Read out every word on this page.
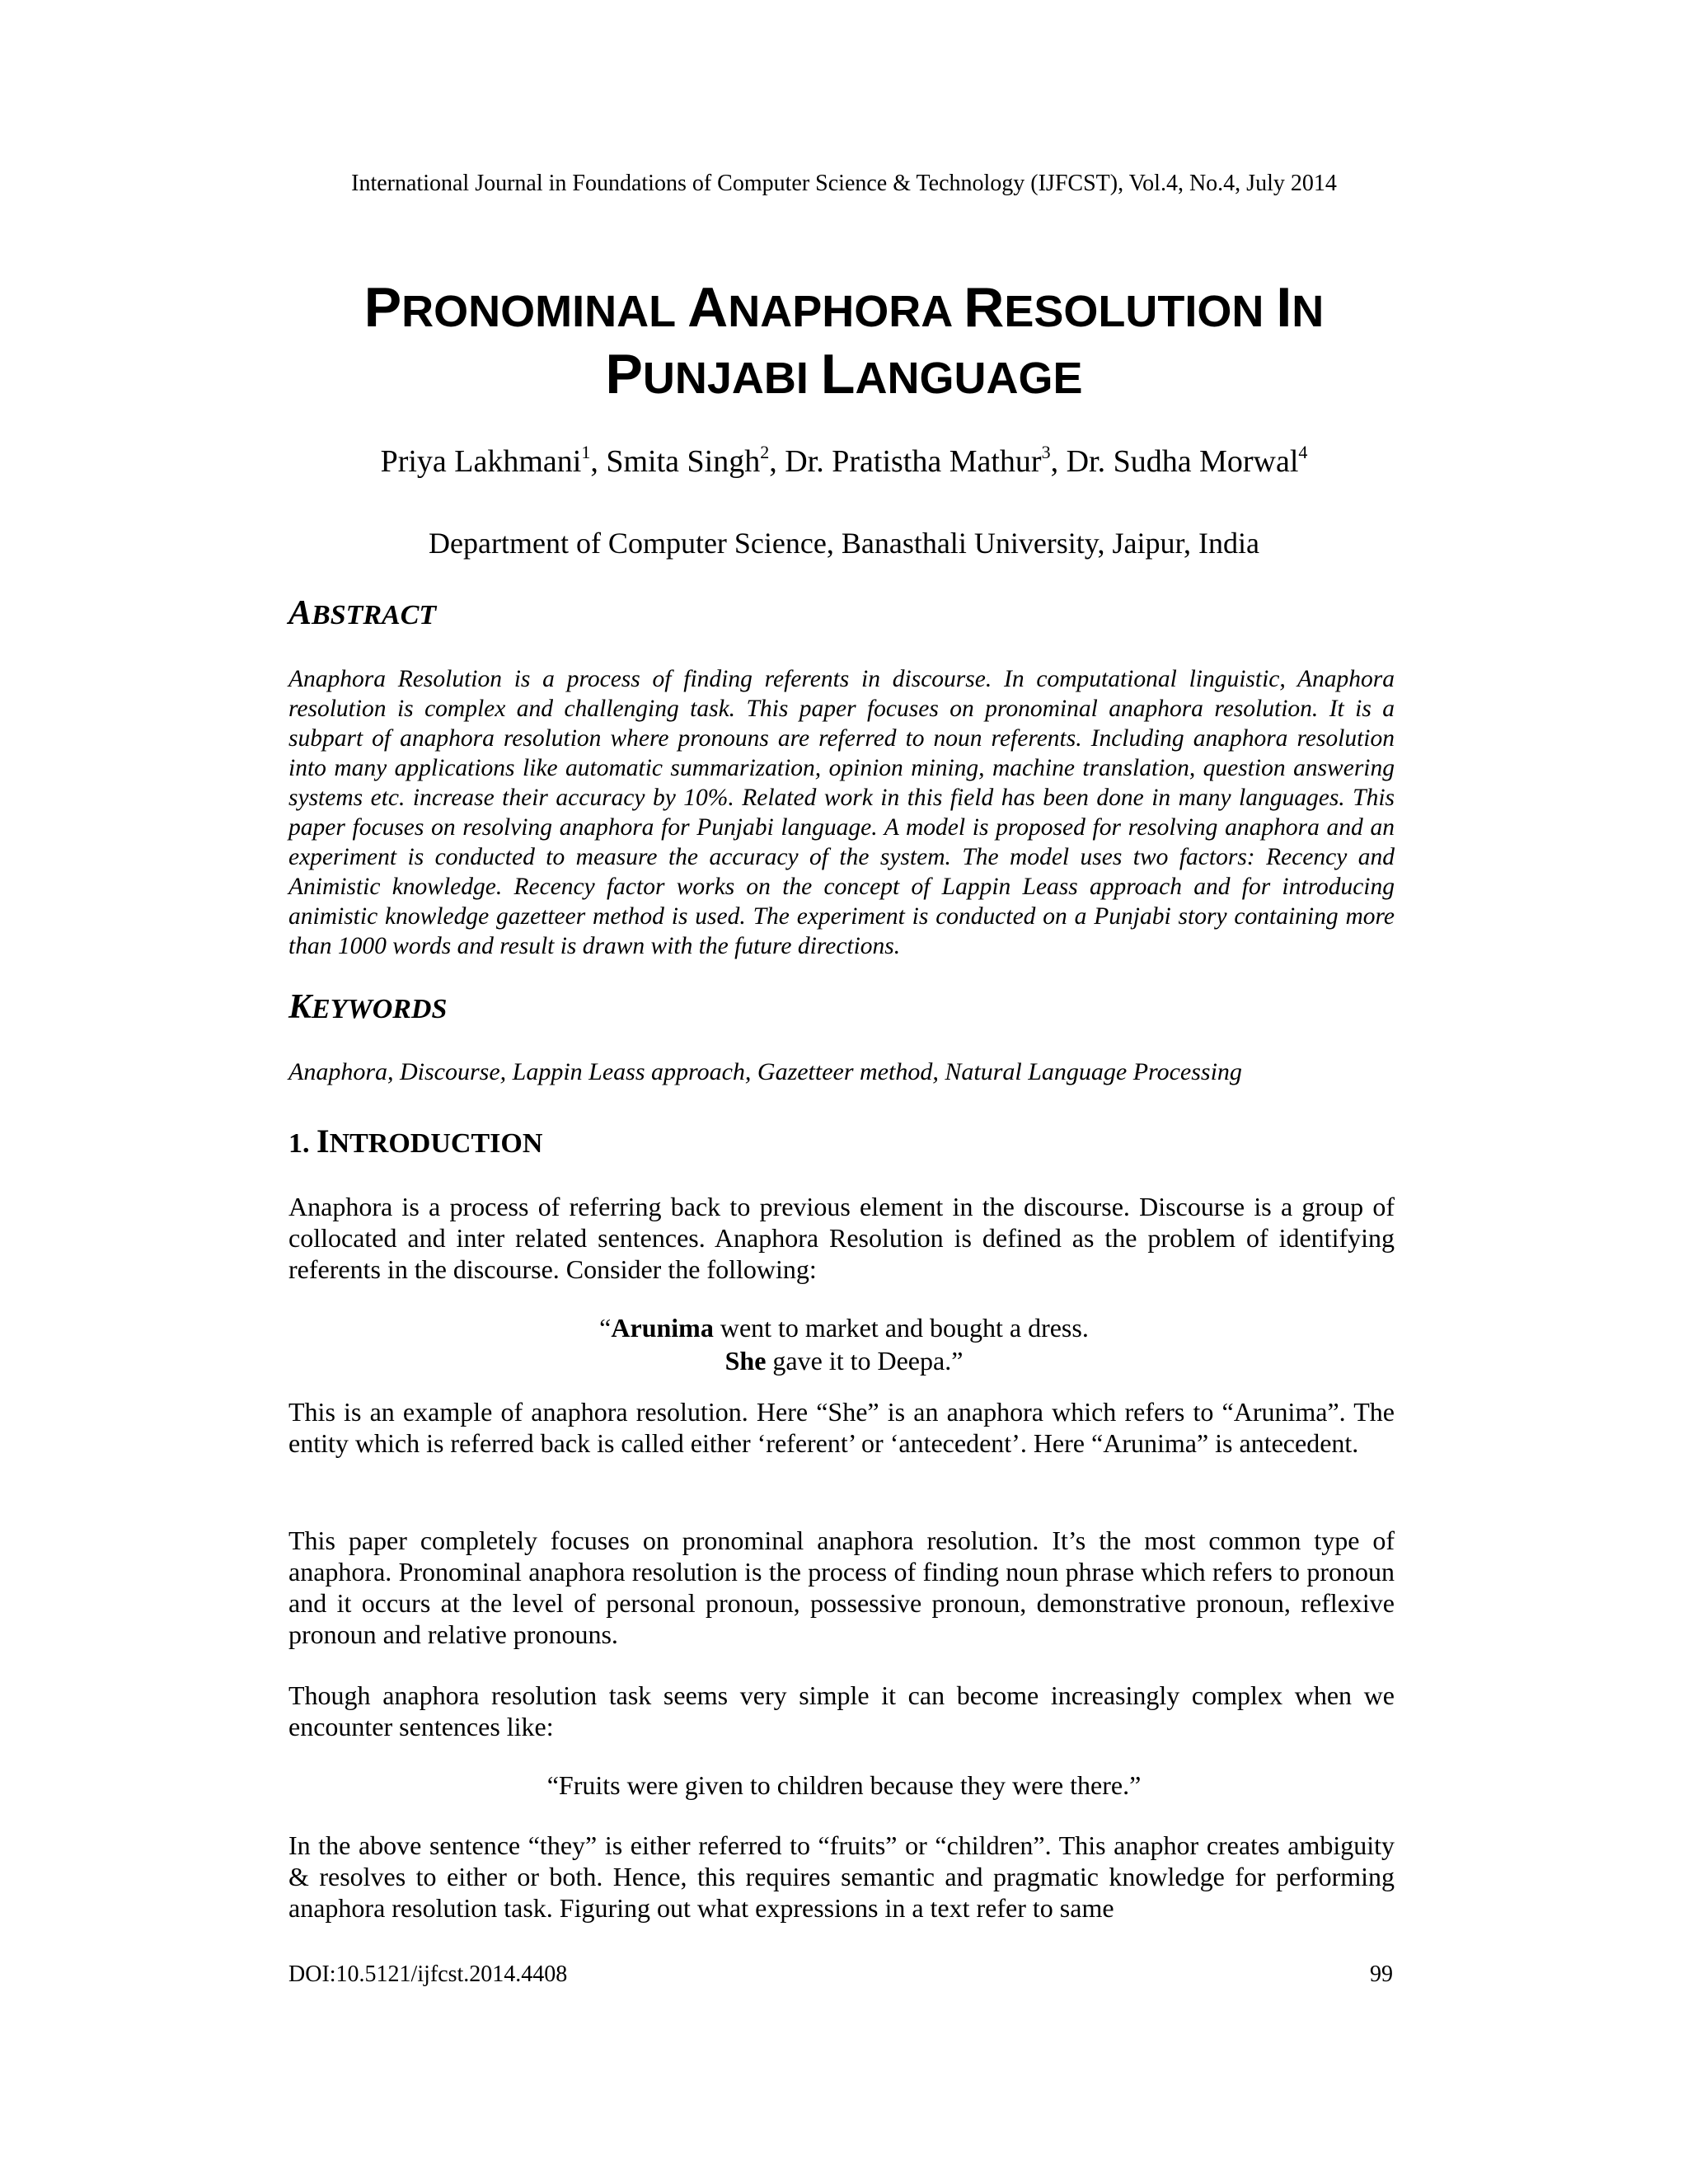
International Journal in Foundations of Computer Science & Technology (IJFCST), Vol.4, No.4, July 2014
PRONOMINAL ANAPHORA RESOLUTION IN
PUNJABI LANGUAGE
Priya Lakhmani$^1$, Smita Singh$^2$, Dr. Pratistha Mathur$^3$, Dr. Sudha Morwal$^4$
Department of Computer Science, Banasthali University, Jaipur, India
ABSTRACT
Anaphora Resolution is a process of finding referents in discourse. In computational linguistic, Anaphora resolution is complex and challenging task. This paper focuses on pronominal anaphora resolution. It is a subpart of anaphora resolution where pronouns are referred to noun referents. Including anaphora resolution into many applications like automatic summarization, opinion mining, machine translation, question answering systems etc. increase their accuracy by 10%. Related work in this field has been done in many languages. This paper focuses on resolving anaphora for Punjabi language. A model is proposed for resolving anaphora and an experiment is conducted to measure the accuracy of the system. The model uses two factors: Recency and Animistic knowledge. Recency factor works on the concept of Lappin Leass approach and for introducing animistic knowledge gazetteer method is used. The experiment is conducted on a Punjabi story containing more than 1000 words and result is drawn with the future directions.
KEYWORDS
Anaphora, Discourse, Lappin Leass approach, Gazetteer method, Natural Language Processing
1. INTRODUCTION
Anaphora is a process of referring back to previous element in the discourse. Discourse is a group of collocated and inter related sentences. Anaphora Resolution is defined as the problem of identifying referents in the discourse. Consider the following:
“Arunima went to market and bought a dress.
She gave it to Deepa.”
This is an example of anaphora resolution. Here “She” is an anaphora which refers to “Arunima”. The entity which is referred back is called either ‘referent’ or ‘antecedent’. Here “Arunima” is antecedent.
This paper completely focuses on pronominal anaphora resolution. It’s the most common type of anaphora. Pronominal anaphora resolution is the process of finding noun phrase which refers to pronoun and it occurs at the level of personal pronoun, possessive pronoun, demonstrative pronoun, reflexive pronoun and relative pronouns.
Though anaphora resolution task seems very simple it can become increasingly complex when we encounter sentences like:
“Fruits were given to children because they were there.”
In the above sentence “they” is either referred to “fruits” or “children”. This anaphor creates ambiguity & resolves to either or both. Hence, this requires semantic and pragmatic knowledge for performing anaphora resolution task. Figuring out what expressions in a text refer to same
DOI:10.5121/ijfcst.2014.4408	99
